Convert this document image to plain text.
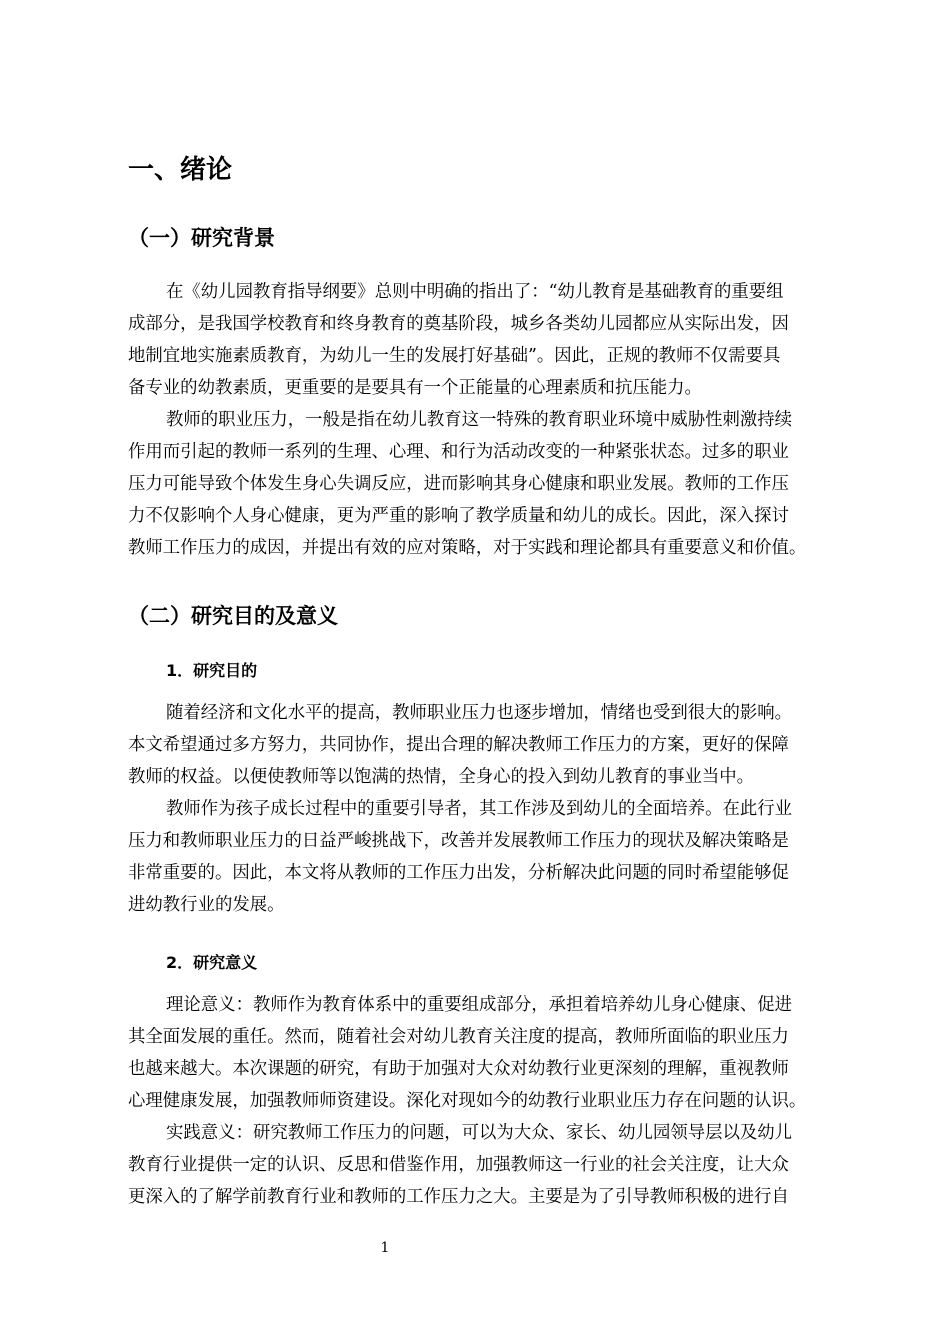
一、绪论
（一）研究背景
在《幼儿园教育指导纲要》总则中明确的指出了：“幼儿教育是基础教育的重要组
成部分，是我国学校教育和终身教育的奠基阶段，城乡各类幼儿园都应从实际出发，因
地制宜地实施素质教育，为幼儿一生的发展打好基础”。因此，正规的教师不仅需要具
备专业的幼教素质，更重要的是要具有一个正能量的心理素质和抗压能力。
教师的职业压力，一般是指在幼儿教育这一特殊的教育职业环境中威胁性刺激持续
作用而引起的教师一系列的生理、心理、和行为活动改变的一种紧张状态。过多的职业
压力可能导致个体发生身心失调反应，进而影响其身心健康和职业发展。教师的工作压
力不仅影响个人身心健康，更为严重的影响了教学质量和幼儿的成长。因此，深入探讨
教师工作压力的成因，并提出有效的应对策略，对于实践和理论都具有重要意义和价值。
（二）研究目的及意义
1．研究目的
随着经济和文化水平的提高，教师职业压力也逐步增加，情绪也受到很大的影响。
本文希望通过多方努力，共同协作，提出合理的解决教师工作压力的方案，更好的保障
教师的权益。以便使教师等以饱满的热情，全身心的投入到幼儿教育的事业当中。
教师作为孩子成长过程中的重要引导者，其工作涉及到幼儿的全面培养。在此行业
压力和教师职业压力的日益严峻挑战下，改善并发展教师工作压力的现状及解决策略是
非常重要的。因此，本文将从教师的工作压力出发，分析解决此问题的同时希望能够促
进幼教行业的发展。
2．研究意义
理论意义：教师作为教育体系中的重要组成部分，承担着培养幼儿身心健康、促进
其全面发展的重任。然而，随着社会对幼儿教育关注度的提高，教师所面临的职业压力
也越来越大。本次课题的研究，有助于加强对大众对幼教行业更深刻的理解，重视教师
心理健康发展，加强教师师资建设。深化对现如今的幼教行业职业压力存在问题的认识。
实践意义：研究教师工作压力的问题，可以为大众、家长、幼儿园领导层以及幼儿
教育行业提供一定的认识、反思和借鉴作用，加强教师这一行业的社会关注度，让大众
更深入的了解学前教育行业和教师的工作压力之大。主要是为了引导教师积极的进行自
1
